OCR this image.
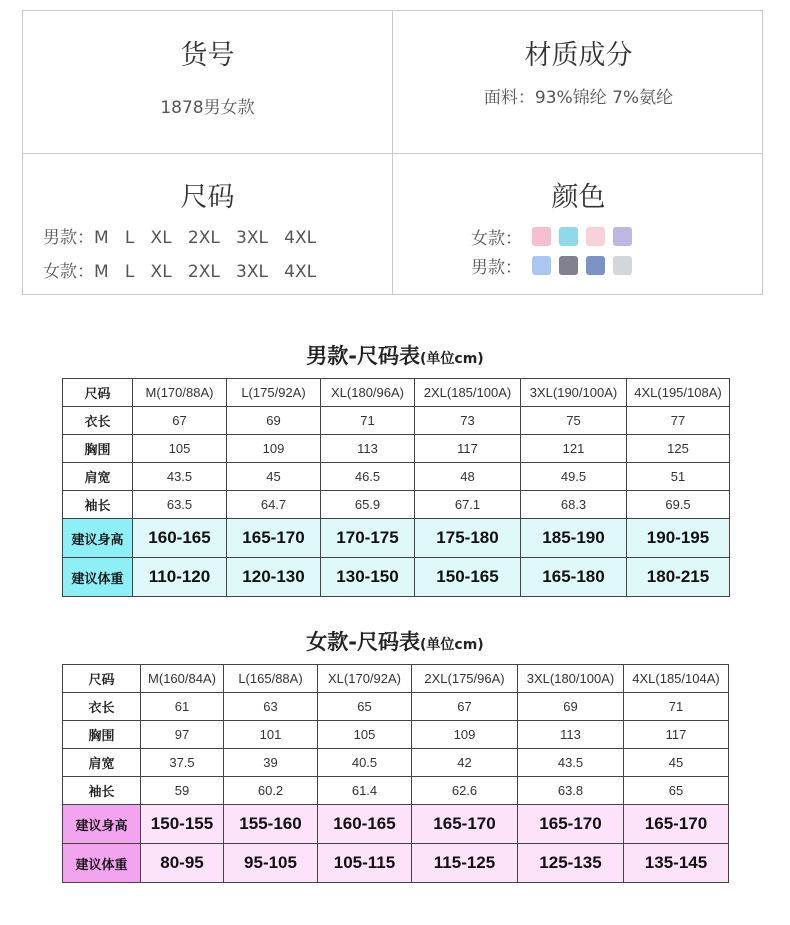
货号
1878男女款
材质成分
面料：93%锦纶 7%氨纶
尺码
男款：M   L   XL   2XL   3XL   4XL
女款：M   L   XL   2XL   3XL   4XL
颜色
女款：
男款：
男款-尺码表(单位cm)
尺码	M(170/88A)	L(175/92A)	XL(180/96A)	2XL(185/100A)	3XL(190/100A)	4XL(195/108A)
衣长	67	69	71	73	75	77
胸围	105	109	113	117	121	125
肩宽	43.5	45	46.5	48	49.5	51
袖长	63.5	64.7	65.9	67.1	68.3	69.5
建议身高	160-165	165-170	170-175	175-180	185-190	190-195
建议体重	110-120	120-130	130-150	150-165	165-180	180-215
女款-尺码表(单位cm)
尺码	M(160/84A)	L(165/88A)	XL(170/92A)	2XL(175/96A)	3XL(180/100A)	4XL(185/104A)
衣长	61	63	65	67	69	71
胸围	97	101	105	109	113	117
肩宽	37.5	39	40.5	42	43.5	45
袖长	59	60.2	61.4	62.6	63.8	65
建议身高	150-155	155-160	160-165	165-170	165-170	165-170
建议体重	80-95	95-105	105-115	115-125	125-135	135-145
